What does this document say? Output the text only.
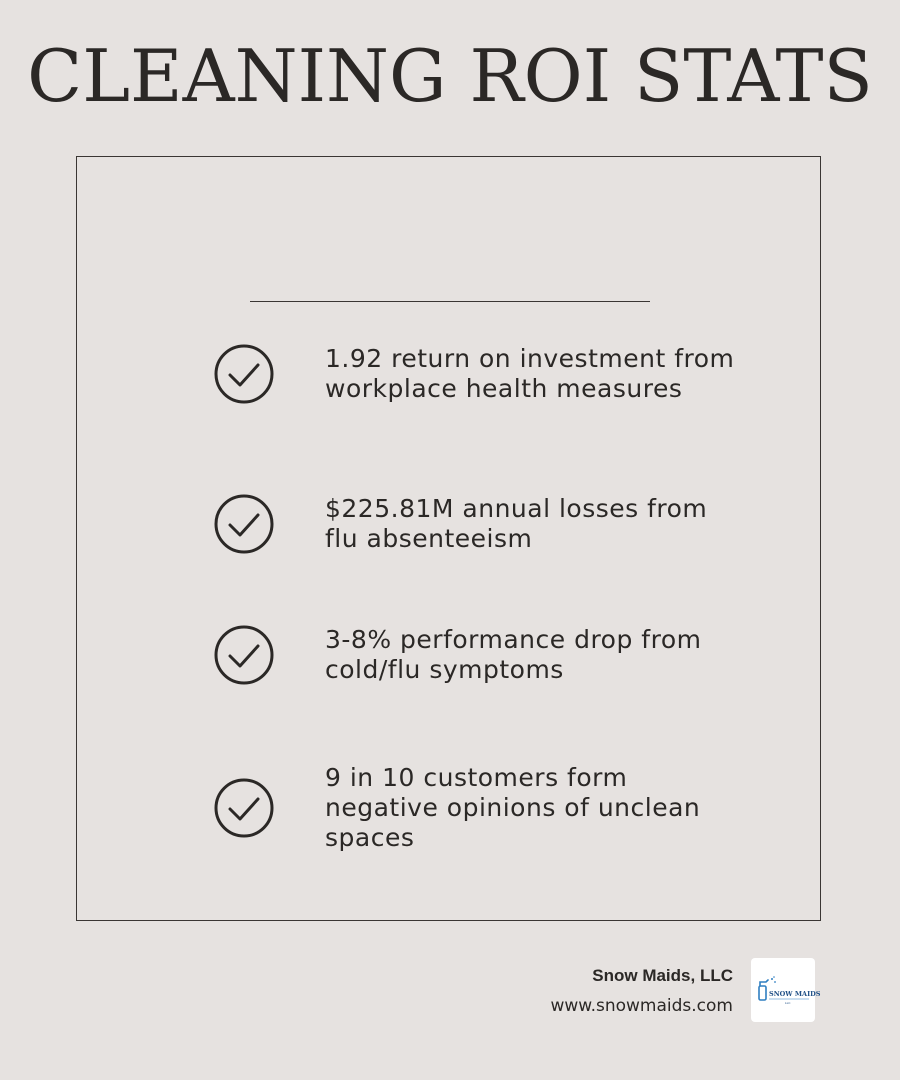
CLEANING ROI STATS
1.92 return on investment from workplace health measures
$225.81M annual losses from flu absenteeism
3-8% performance drop from cold/flu symptoms
9 in 10 customers form negative opinions of unclean spaces
Snow Maids, LLC
www.snowmaids.com
SNOW MAIDS
LLC
